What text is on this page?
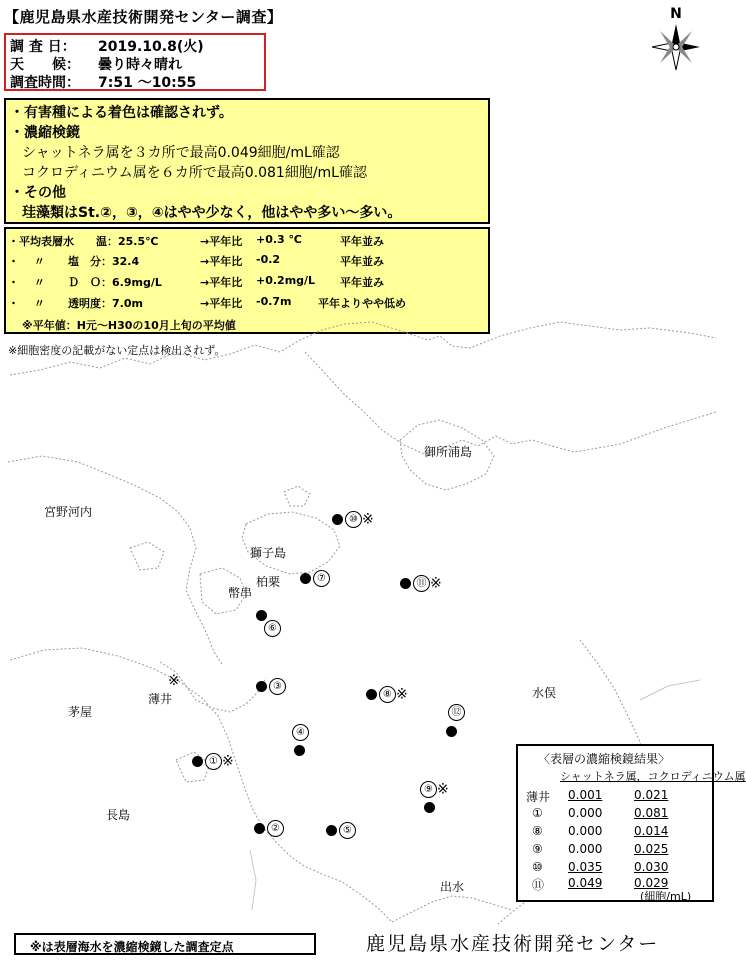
【鹿児島県水産技術開発センター調査】
調 査 日： 2019.10.8(火)
天　　候： 曇り時々晴れ
調査時間： 7:51 ～10:55
N
・有害種による着色は確認されず。
・濃縮検鏡
シャットネラ属を３カ所で最高0.049細胞/mL確認
コクロディニウム属を６カ所で最高0.081細胞/mL確認
・その他
珪藻類はSt.②，③，④はやや少なく，他はやや多い～多い。
・平均表層水 温：25.5℃	→平年比 +0.3 ℃	平年並み
・　 〃 塩　分：32.4	→平年比 -0.2	平年並み
・　 〃 Ｄ　Ｏ：6.9mg/L	→平年比 +0.2mg/L 平年並み
・　 〃 透明度：7.0m	→平年比 -0.7m 平年よりやや低め
※平年値：H元～H30の10月上旬の平均値
※細胞密度の記載がない定点は検出されず。
御所浦島
宮野河内
獅子島
柏栗
幣串
薄井
茅屋
水俣
長島
出水
※
⑩ ※
⑦	⑪ ※
⑥
③
⑧ ※
⑫
④
① ※
⑨ ※
②	⑤
〈表層の濃縮検鏡結果〉
シャットネラ属，コクロディニウム属
薄井 0.001	0.021
① 0.000	0.081
⑧ 0.000	0.014
⑨ 0.000	0.025
⑩ 0.035	0.030
⑪ 0.049	0.029
(細胞/mL)
※は表層海水を濃縮検鏡した調査定点	鹿児島県水産技術開発センター
